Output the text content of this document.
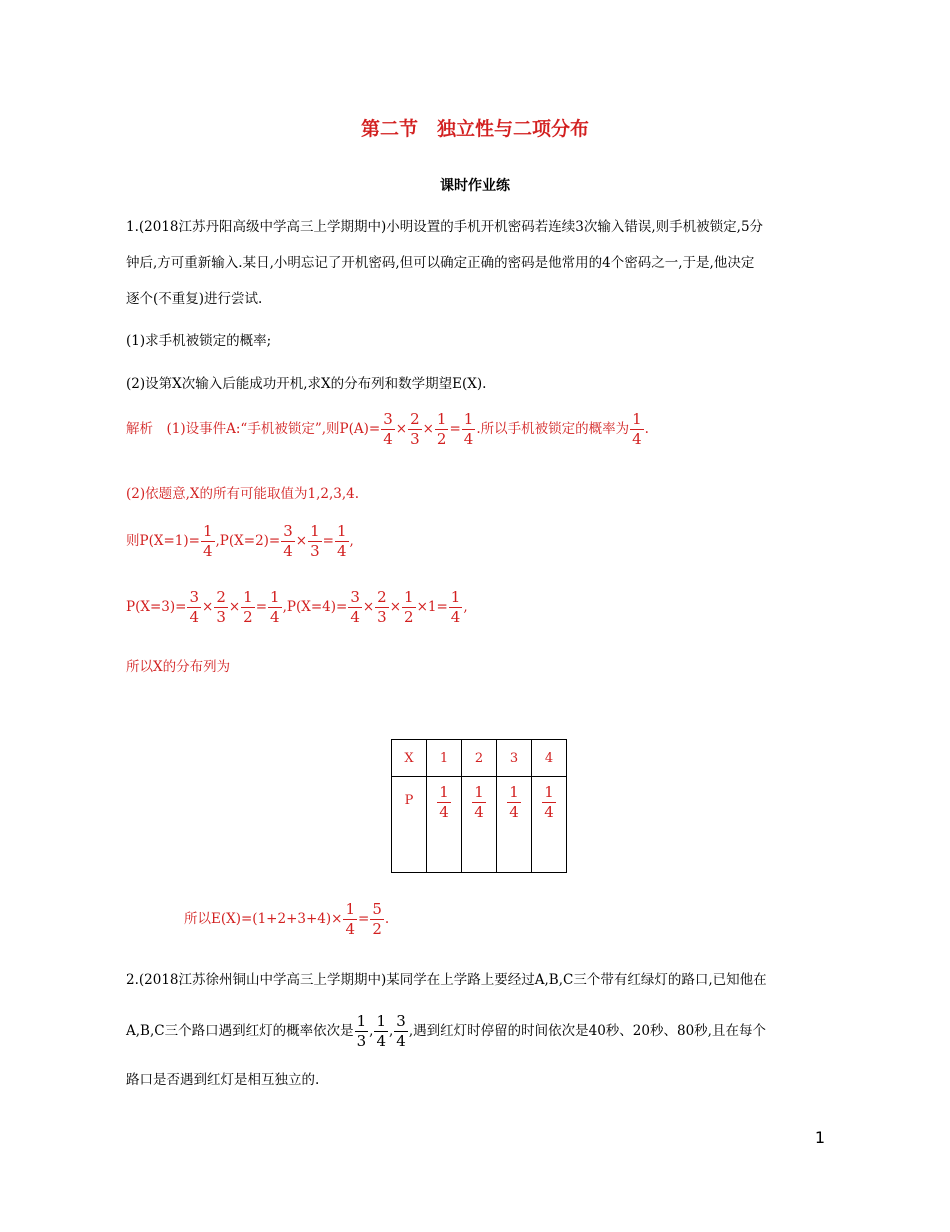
第二节　独立性与二项分布
课时作业练
1.(2018江苏丹阳高级中学高三上学期期中)小明设置的手机开机密码若连续3次输入错误,则手机被锁定,5分
钟后,方可重新输入.某日,小明忘记了开机密码,但可以确定正确的密码是他常用的4个密码之一,于是,他决定
逐个(不重复)进行尝试.
(1)求手机被锁定的概率;
(2)设第X次输入后能成功开机,求X的分布列和数学期望E(X).
解析　(1)设事件A:“手机被锁定”,则$P(A)= \frac{3}{4} \times \frac{2}{3} \times \frac{1}{2} = \frac{1}{4}$ .所以手机被锁定的概率为 $\frac{1}{4}$ .
(2)依题意,X的所有可能取值为1,2,3,4.
则$P(X=1)= \frac{1}{4} ,P(X=2)= \frac{3}{4} \times \frac{1}{3} = \frac{1}{4}$ ,
$P(X=3)= \frac{3}{4} \times \frac{2}{3} \times \frac{1}{2} = \frac{1}{4} ,P(X=4)= \frac{3}{4} \times \frac{2}{3} \times \frac{1}{2} \times 1= \frac{1}{4}$ ,
所以X的分布列为
X	1	2	3	4
P	$\frac{1}{4}$	$\frac{1}{4}$	$\frac{1}{4}$	$\frac{1}{4}$
所以$E(X)=(1+2+3+4)\times \frac{1}{4} = \frac{5}{2}$ .
2.(2018江苏徐州铜山中学高三上学期期中)某同学在上学路上要经过A,B,C三个带有红绿灯的路口,已知他在
A,B,C三个路口遇到红灯的概率依次是 $\frac{1}{3}$ , $\frac{1}{4}$ , $\frac{3}{4}$ ,遇到红灯时停留的时间依次是40秒、20秒、80秒,且在每个
路口是否遇到红灯是相互独立的.
1
